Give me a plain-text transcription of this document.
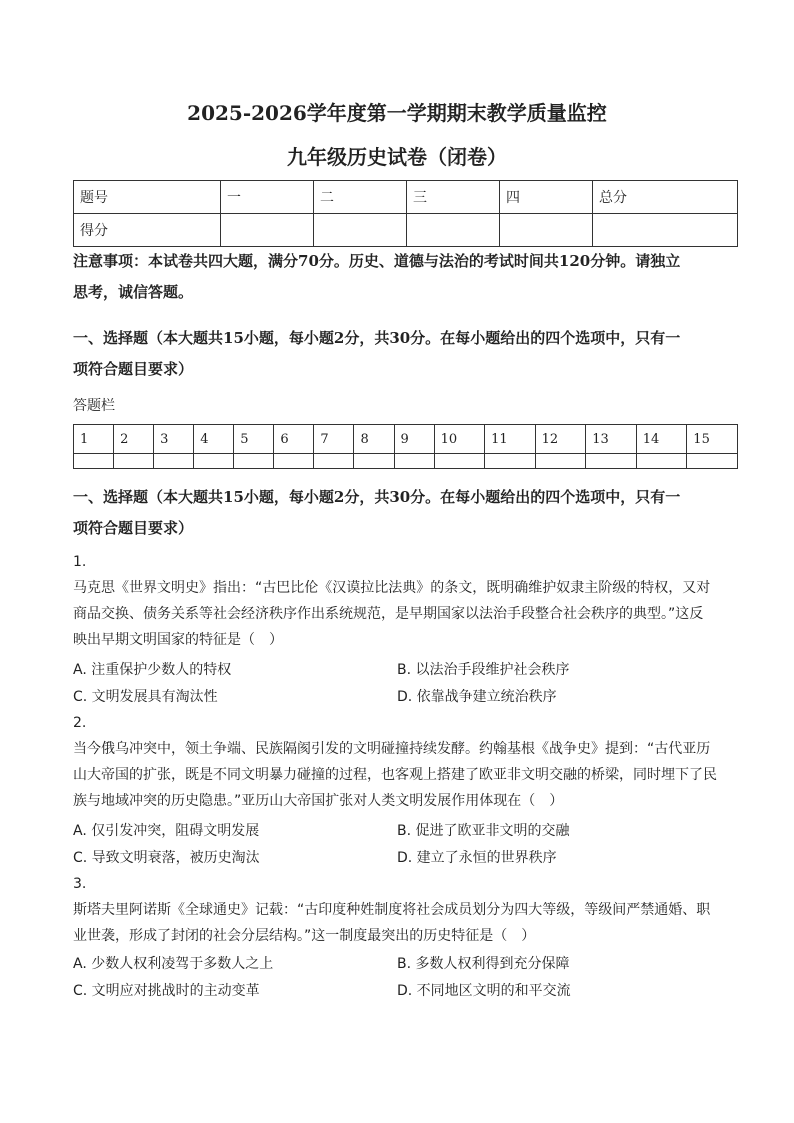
2025-2026学年度第一学期期末教学质量监控
九年级历史试卷（闭卷）
题号	一	二	三	四	总分
得分					
注意事项：本试卷共四大题，满分70分。历史、道德与法治的考试时间共120分钟。请独立
思考，诚信答题。
一、选择题（本大题共15小题，每小题2分，共30分。在每小题给出的四个选项中，只有一
项符合题目要求）
答题栏
1	2	3	4	5	6	7	8	9	10	11	12	13	14	15

一、选择题（本大题共15小题，每小题2分，共30分。在每小题给出的四个选项中，只有一
项符合题目要求）
1.
马克思《世界文明史》指出：“古巴比伦《汉谟拉比法典》的条文，既明确维护奴隶主阶级的特权，又对
商品交换、债务关系等社会经济秩序作出系统规范，是早期国家以法治手段整合社会秩序的典型。”这反
映出早期文明国家的特征是（　）
A. 注重保护少数人的特权	B. 以法治手段维护社会秩序
C. 文明发展具有淘汰性	D. 依靠战争建立统治秩序
2.
当今俄乌冲突中，领土争端、民族隔阂引发的文明碰撞持续发酵。约翰基根《战争史》提到：“古代亚历
山大帝国的扩张，既是不同文明暴力碰撞的过程，也客观上搭建了欧亚非文明交融的桥梁，同时埋下了民
族与地域冲突的历史隐患。”亚历山大帝国扩张对人类文明发展作用体现在（　）
A. 仅引发冲突，阻碍文明发展	B. 促进了欧亚非文明的交融
C. 导致文明衰落，被历史淘汰	D. 建立了永恒的世界秩序
3.
斯塔夫里阿诺斯《全球通史》记载：“古印度种姓制度将社会成员划分为四大等级，等级间严禁通婚、职
业世袭，形成了封闭的社会分层结构。”这一制度最突出的历史特征是（　）
A. 少数人权利凌驾于多数人之上	B. 多数人权利得到充分保障
C. 文明应对挑战时的主动变革	D. 不同地区文明的和平交流
